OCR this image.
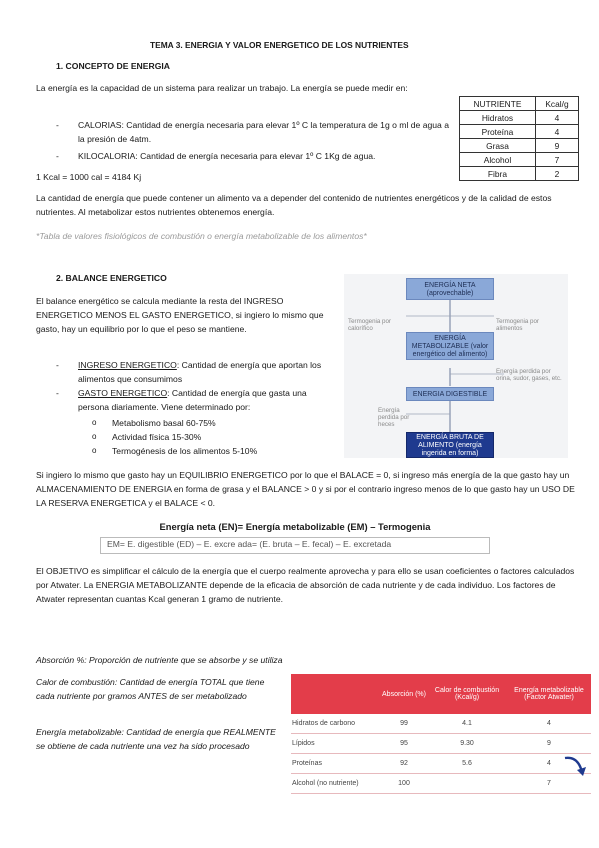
TEMA 3. ENERGIA Y VALOR ENERGETICO DE LOS NUTRIENTES
1. CONCEPTO DE ENERGIA
La energía es la capacidad de un sistema para realizar un trabajo. La energía se puede medir en:
- CALORIAS: Cantidad de energía necesaria para elevar 1º C la temperatura de 1g o ml de agua a la presión de 4atm.
- KILOCALORIA: Cantidad de energía necesaria para elevar 1º C 1Kg de agua.
1 Kcal = 1000 cal = 4184 Kj
NUTRIENTE	Kcal/g
Hidratos	4
Proteína	4
Grasa	9
Alcohol	7
Fibra	2
La cantidad de energía que puede contener un alimento va a depender del contenido de nutrientes energéticos y de la calidad de estos nutrientes. Al metabolizar estos nutrientes obtenemos energía.
*Tabla de valores fisiológicos de combustión o energía metabolizable de los alimentos*
2. BALANCE ENERGETICO
El balance energético se calcula mediante la resta del INGRESO ENERGETICO MENOS EL GASTO ENERGETICO, si ingiero lo mismo que gasto, hay un equilibrio por lo que el peso se mantiene.
- INGRESO ENERGETICO: Cantidad de energía que aportan los alimentos que consumimos
- GASTO ENERGETICO: Cantidad de energía que gasta una persona diariamente. Viene determinado por:
o Metabolismo basal 60-75%
o Actividad física 15-30%
o Termogénesis de los alimentos 5-10%
ENERGÍA NETA (aprovechable)
ENERGÍA METABOLIZABLE (valor energético del alimento)
ENERGIA DIGESTIBLE
ENERGÍA BRUTA DE ALIMENTO (energía ingerida en forma)
Termogenia por calorífico
Termogenia por alimentos
Energía perdida por orina, sudor, gases, etc.
Energía perdida por heces
Si ingiero lo mismo que gasto hay un EQUILIBRIO ENERGETICO por lo que el BALACE = 0, si ingreso más energía de la que gasto hay un ALMACENAMIENTO DE ENERGIA en forma de grasa y el BALANCE > 0 y si por el contrario ingreso menos de lo que gasto hay un USO DE LA RESERVA ENERGETICA y el BALACE < 0.
Energía neta (EN)= Energía metabolizable (EM) – Termogenia
EM= E. digestible (ED) – E. excre ada= (E. bruta – E. fecal) – E. excretada
El OBJETIVO es simplificar el cálculo de la energía que el cuerpo realmente aprovecha y para ello se usan coeficientes o factores calculados por Atwater. La ENERGIA METABOLIZANTE depende de la eficacia de absorción de cada nutriente y de cada individuo. Los factores de Atwater representan cuantas Kcal generan 1 gramo de nutriente.
Absorción %: Proporción de nutriente que se absorbe y se utiliza
Calor de combustión: Cantidad de energía TOTAL que tiene cada nutriente por gramos ANTES de ser metabolizado
Energía metabolizable: Cantidad de energía que REALMENTE se obtiene de cada nutriente una vez ha sido procesado
	Absorción (%)	Calor de combustión (Kcal/g)	Energía metabolizable (Factor Atwater)
Hidratos de carbono	99	4.1	4
Lípidos	95	9.30	9
Proteínas	92	5.6	4
Alcohol (no nutriente)	100		7
